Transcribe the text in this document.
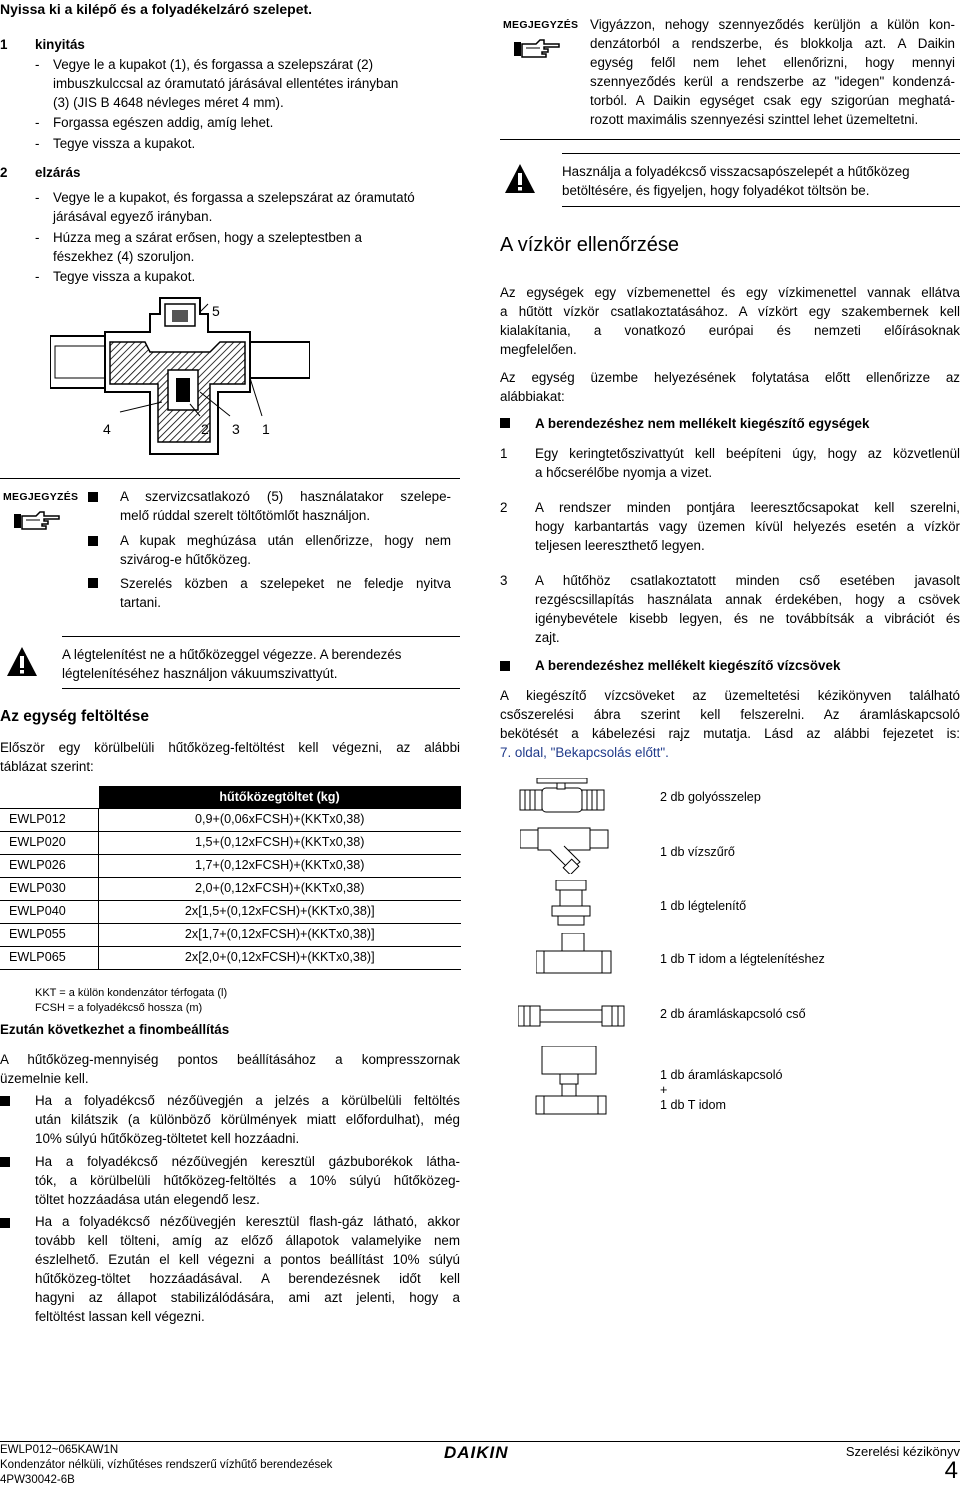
Nyissa ki a kilépő és a folyadékelzáró szelepet.
1 kinyitás
- Vegye le a kupakot (1), és forgassa a szelepszárat (2)
imbuszkulccsal az óramutató járásával ellentétes irányban
(3) (JIS B 4648 névleges méret 4 mm).
- Forgassa egészen addig, amíg lehet.
- Tegye vissza a kupakot.
2 elzárás
- Vegye le a kupakot, és forgassa a szelepszárat az óramutató
járásával egyező irányban.
- Húzza meg a szárat erősen, hogy a szeleptestben a
fészekhez (4) szoruljon.
- Tegye vissza a kupakot.
5
4	2 3 1
MEGJEGYZÉS	A szervizcsatlakozó (5) használatakor szelepe-
melő rúddal szerelt töltőtömlőt használjon.
A kupak meghúzása után ellenőrizze, hogy nem
szivárog-e hűtőközeg.
Szerelés közben a szelepeket ne feledje nyitva
tartani.
A légtelenítést ne a hűtőközeggel végezze. A berendezés
légtelenítéséhez használjon vákuumszivattyút.
Az egység feltöltése
Először egy körülbelüli hűtőközeg-feltöltést kell végezni, az alábbi
táblázat szerint:
	hűtőközegtöltet (kg)
EWLP012	0,9+(0,06xFCSH)+(KKTx0,38)
EWLP020	1,5+(0,12xFCSH)+(KKTx0,38)
EWLP026	1,7+(0,12xFCSH)+(KKTx0,38)
EWLP030	2,0+(0,12xFCSH)+(KKTx0,38)
EWLP040	2x[1,5+(0,12xFCSH)+(KKTx0,38)]
EWLP055	2x[1,7+(0,12xFCSH)+(KKTx0,38)]
EWLP065	2x[2,0+(0,12xFCSH)+(KKTx0,38)]
KKT = a külön kondenzátor térfogata (l)
FCSH = a folyadékcső hossza (m)
Ezután következhet a finombeállítás
A hűtőközeg-mennyiség pontos beállításához a kompresszornak
üzemelnie kell.
Ha a folyadékcső nézőüvegjén a jelzés a körülbelüli feltöltés
után kilátszik (a különböző körülmények miatt előfordulhat), még
10% súlyú hűtőközeg-töltetet kell hozzáadni.
Ha a folyadékcső nézőüvegjén keresztül gázbuborékok látha-
tók, a körülbelüli hűtőközeg-feltöltés a 10% súlyú hűtőközeg-
töltet hozzáadása után elegendő lesz.
Ha a folyadékcső nézőüvegjén keresztül flash-gáz látható, akkor
tovább kell tölteni, amíg az előző állapotok valamelyike nem
észlelhető. Ezután el kell végezni a pontos beállítást 10% súlyú
hűtőközeg-töltet hozzáadásával. A berendezésnek időt kell
hagyni az állapot stabilizálódására, ami azt jelenti, hogy a
feltöltést lassan kell végezni.
MEGJEGYZÉS Vigyázzon, nehogy szennyeződés kerüljön a külön kon-
denzátorból a rendszerbe, és blokkolja azt. A Daikin
egység felől nem lehet ellenőrizni, hogy mennyi
szennyeződés kerül a rendszerbe az "idegen" kondenzá-
torból. A Daikin egységet csak egy szigorúan meghatá-
rozott maximális szennyezési szinttel lehet üzemeltetni.
Használja a folyadékcső visszacsapószelepét a hűtőközeg
betöltésére, és figyeljen, hogy folyadékot töltsön be.
A vízkör ellenőrzése
Az egységek egy vízbemenettel és egy vízkimenettel vannak ellátva
a hűtött vízkör csatlakoztatásához. A vízkört egy szakembernek kell
kialakítania, a vonatkozó európai és nemzeti előírásoknak
megfelelően.
Az egység üzembe helyezésének folytatása előtt ellenőrizze az
alábbiakat:
A berendezéshez nem mellékelt kiegészítő egységek
1 Egy keringtetőszivattyút kell beépíteni úgy, hogy az közvetlenül
a hőcserélőbe nyomja a vizet.
2 A rendszer minden pontjára leeresztőcsapokat kell szerelni,
hogy karbantartás vagy üzemen kívül helyezés esetén a vízkör
teljesen leereszthető legyen.
3 A hűtőhöz csatlakoztatott minden cső esetében javasolt
rezgéscsillapítás használata annak érdekében, hogy a csövek
igénybevétele kisebb legyen, és ne továbbítsák a vibrációt és
zajt.
A berendezéshez mellékelt kiegészítő vízcsövek
A kiegészítő vízcsöveket az üzemeltetési kézikönyven található
csőszerelési ábra szerint kell felszerelni. Az áramláskapcsoló
bekötését a kábelezési rajz mutatja. Lásd az alábbi fejezetet is:
7. oldal, "Bekapcsolás előtt".
2 db golyósszelep
1 db vízszűrő
1 db légtelenítő
1 db T idom a légtelenítéshez
2 db áramláskapcsoló cső
1 db áramláskapcsoló
+
1 db T idom
EWLP012~065KAW1N
Kondenzátor nélküli, vízhűtéses rendszerű vízhűtő berendezések
4PW30042-6B
DAIKIN	Szerelési kézikönyv
4
